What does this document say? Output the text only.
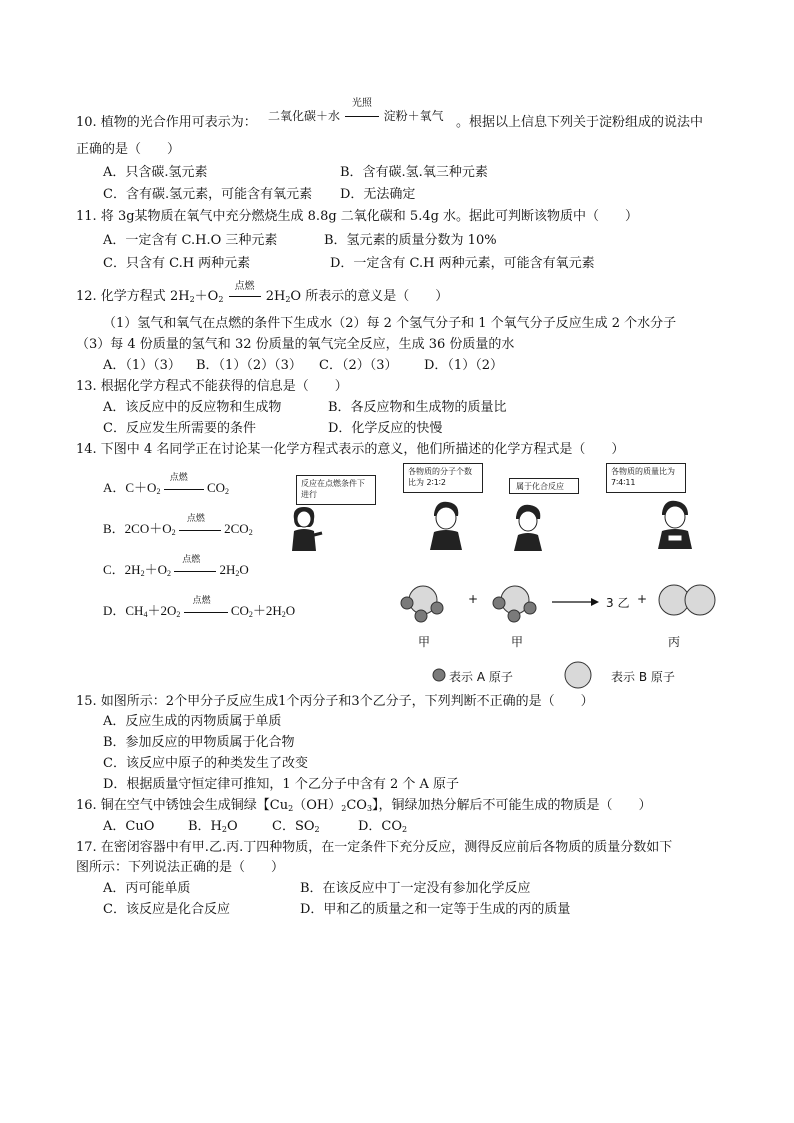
10. 植物的光合作用可表示为： 二氧化碳＋水
光照
淀粉＋氧气 。根据以上信息下列关于淀粉组成的说法中
正确的是（　　）
A．只含碳.氢元素	B．含有碳.氢.氧三种元素
C．含有碳.氢元素，可能含有氧元素 D．无法确定
11. 将 3g某物质在氧气中充分燃烧生成 8.8g 二氧化碳和 5.4g 水。据此可判断该物质中（　　）
A．一定含有 C.H.O 三种元素	B．氢元素的质量分数为 10%
C．只含有 C.H 两种元素	D．一定含有 C.H 两种元素，可能含有氧元素
12. 化学方程式 $2H_2+O_2$
点燃
$2H_2O$ 所表示的意义是（　　）
（1）氢气和氧气在点燃的条件下生成水（2）每 2 个氢气分子和 1 个氧气分子反应生成 2 个水分子
（3）每 4 份质量的氢气和 32 份质量的氧气完全反应，生成 36 份质量的水
A．（1）（3） B．（1）（2）（3） C．（2）（3） D．（1）（2）
13. 根据化学方程式不能获得的信息是（　　）
A．该反应中的反应物和生成物	B．各反应物和生成物的质量比
C．反应发生所需要的条件	D．化学反应的快慢
14. 下图中 4 名同学正在讨论某一化学方程式表示的意义，他们所描述的化学方程式是（　　）
A．$C+O_2$
点燃
$CO_2$
B．$2CO+O_2$
点燃
$2CO_2$
C．$2H_2+O_2$
点燃
$2H_2O$
D．$CH_4+2O_2$
点燃
$CO_2+2H_2O$
反应在点燃条件下进行
各物质的分子个数比为 2∶1∶2	属于化合反应
各物质的质量比为 7∶4∶11
+	3 乙 +
甲	甲	丙
表示 A 原子	表示 B 原子
15. 如图所示：2个甲分子反应生成1个丙分子和3个乙分子，下列判断不正确的是（　　）
A．反应生成的丙物质属于单质
B．参加反应的甲物质属于化合物
C．该反应中原子的种类发生了改变
D．根据质量守恒定律可推知，1 个乙分子中含有 2 个 A 原子
16. 铜在空气中锈蚀会生成铜绿【$Cu_2(OH)_2CO_3$】，铜绿加热分解后不可能生成的物质是（　　）
A．CuO	B．$H_2O$	C．$SO_2$	D．$CO_2$
17. 在密闭容器中有甲.乙.丙.丁四种物质，在一定条件下充分反应，测得反应前后各物质的质量分数如下
图所示：下列说法正确的是（　　）
A．丙可能单质	B．在该反应中丁一定没有参加化学反应
C．该反应是化合反应	D．甲和乙的质量之和一定等于生成的丙的质量
